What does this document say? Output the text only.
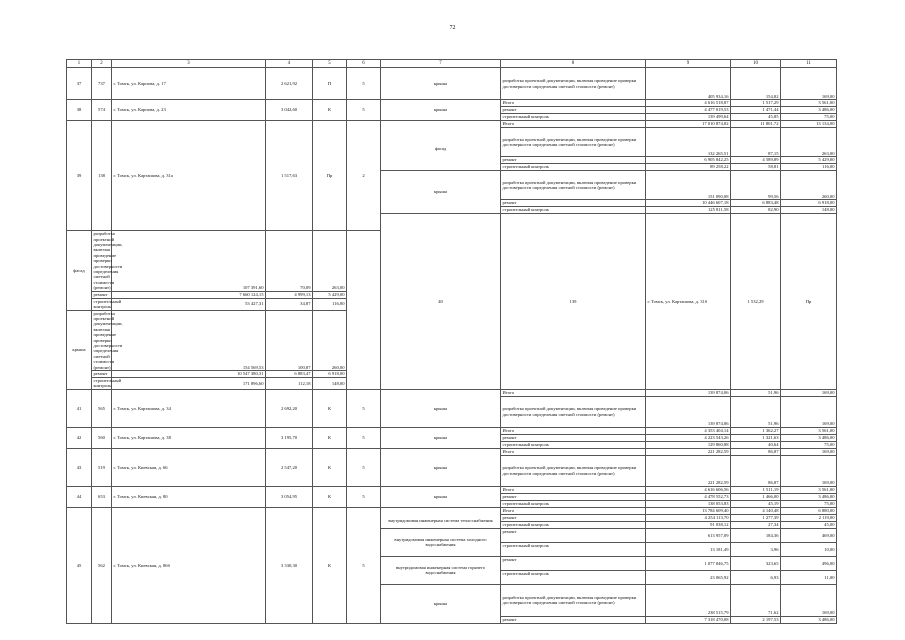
72
1	2	3	4	5	6	7	8	9	10	11	
37	737	г. Томск, ул. Карпова, д. 17	2 621,92	П	5	крыша	разработка проектной документации, включая проведение проверки достоверности определения сметной стоимости (ремонт)	405 934,16	154,82	169,00	
38	574	г. Томск, ул. Карпова, д. 23	3 042,60	К	5	крыша	Итого	4 616 518,87	1 517,29	3 561,00	
							ремонт	4 477 019,53	1 471,44	3 486,00	
							строительный контроль	139 499,64	45,85	75,00	
39	138	г. Томск, ул. Карташова, д. 31а	1 517,63	Пр	2		Итого	17 010 874,82	11 801,72	13 134,00	
						фасад	разработка проектной документации, включая проведение проверки достоверности определения сметной стоимости (ремонт)	132 265,51	87,15	263,00	
							ремонт	6 905 842,25	4 589,89	5 429,00	
							строительный контроль	89 258,22	58,81	116,00	
						крыша	разработка проектной документации, включая проведение проверки достоверности определения сметной стоимости (ремонт)	151 090,08	99,56	260,00	
							ремонт	10 446 607,18	6 883,48	6 918,00	
							строительный контроль	125 811,58	82,90	148,00	
						40	139	г. Томск, ул. Карташова, д. 31б	1 532,29	Пр						
фасад	разработка проектной документации, включая проведение проверки достоверности определения сметной стоимости (ремонт)	107 391,60	70,09	263,00							
	ремонт	7 660 124,15	4 999,13	5 429,00							
	строительный контроль	53 427,31	34,87	116,00							
крыша	разработка проектной документации, включая проведение проверки достоверности определения сметной стоимости (ремонт)	154 569,53	100,87	260,00							
	ремонт	10 547 380,31	6 883,47	6 918,00							
	строительный контроль	171 896,60	112,18	148,00							
41	565	г. Томск, ул. Карташова, д. 34	2 692,20	К	5	крыша	Итого	139 874,06	51,96	169,00	
							разработка проектной документации, включая проведение проверки достоверности определения сметной стоимости (ремонт)	139 874,06	51,96	169,00	
42	560	г. Томск, ул. Карташова, д. 38	3 195,70	К	5	крыша	Итого	4 353 404,14	1 362,27	3 561,00	
							ремонт	4 223 543,26	1 321,63	3 486,00	
							строительный контроль	129 860,88	40,64	75,00	
43	519	г. Томск, ул. Киевская, д. 66	2 547,20	К	5	крыша	Итого	221 282,59	86,87	169,00	
							разработка проектной документации, включая проведение проверки достоверности определения сметной стоимости (ремонт)	221 282,59	86,87	169,00	
44	653	г. Томск, ул. Киевская, д. 80	3 054,95	К	5	крыша	Итого	4 616 606,56	1 511,19	3 561,00	
							ремонт	4 478 552,73	1 466,00	3 486,00	
							строительный контроль	138 053,83	45,19	75,00	
45	562	г. Томск, ул. Киевская, д. 86б	3 330,30	К	5		Итого	13 784 609,40	4 140,48	6 880,00	
						внутридомовая инженерная система теплоснабжения	ремонт	4 254 113,70	1 277,39	2 119,00	
							строительный контроль	91 038,12	27,34	45,00	
						внутридомовая инженерная система холодного водоснабжения	ремонт	613 957,09	184,36	469,00	
							строительный контроль	13 181,49	3,96	10,00	
						внутридомовая инженерная система горячего водоснабжения	ремонт	1 077 846,75	323,65	496,00	
							строительный контроль	23 065,92	6,93	11,00	
						крыша	разработка проектной документации, включая проведение проверки достоверности определения сметной стоимости (ремонт)	238 515,79	71,62	169,00	
							ремонт	7 318 470,08	2 197,53	3 486,00	
